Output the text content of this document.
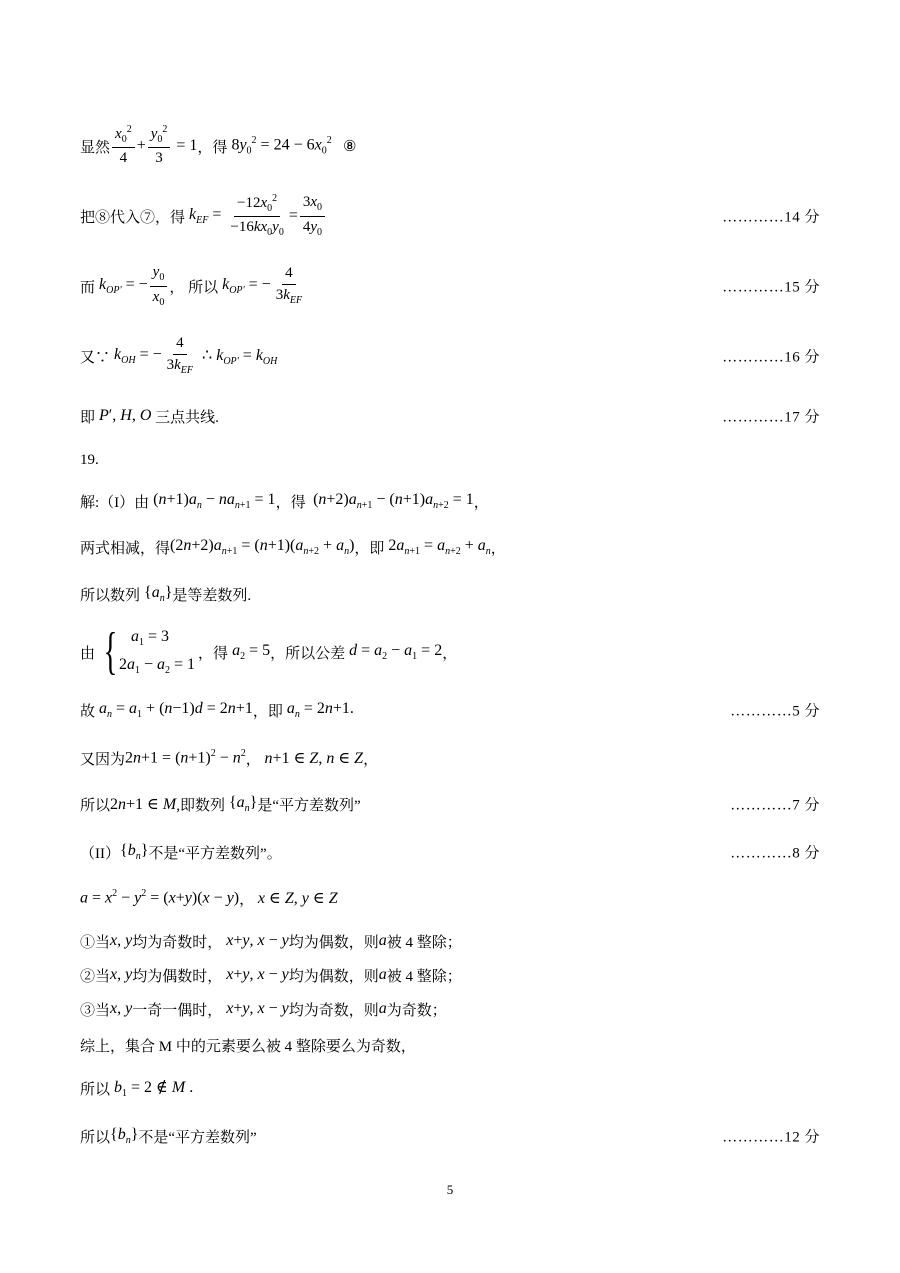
显然 $\frac{x_0^2}{4} + \frac{y_0^2}{3} = 1$ ，得 $8y_0^2 = 24 - 6x_0^2$ ⑧
把⑧代入⑦，得 $k_{EF} = \frac{-12x_0^2}{-16kx_0y_0} = \frac{3x_0}{4y_0}$	…………14 分
而 $k_{OP'}$ = − $\frac{y_0}{x_0}$ ， 所以 $k_{OP'}$ = − $\frac{4}{3k_{EF}}$	…………15 分
又∵ $k_{OH}$ = − $\frac{4}{3k_{EF}}$ ∴ $k_{OP'} = k_{OH}$	…………16 分
即 P′, H, O 三点共线.	…………17 分
19.
解:（I）由 $(n+1)a_n - na_{n+1} = 1$ ，得 $(n+2)a_{n+1} - (n+1)a_{n+2} = 1$ ，
两式相减，得 $(2n+2)a_{n+1} = (n+1)(a_{n+2} + a_n)$ ，即 $2a_{n+1} = a_{n+2} + a_n$ ，
所以数列 $\{a_n\}$ 是等差数列.
由 { $a_1 = 3$
$2a_1 - a_2 = 1$
，得 $a_2 = 5$ ，所以公差 $d = a_2 - a_1 = 2$ ，
故 $a_n = a_1 + (n-1)d = 2n+1$ ，即 $a_n = 2n+1$.	…………5 分
又因为 $2n+1 = (n+1)^2 - n^2$ ， n+1 ∈ Z, n ∈ Z ，
所以 2n+1 ∈ M ,即数列 $\{a_n\}$ 是“平方差数列”	…………7 分
（II） $\{b_n\}$ 不是“平方差数列”。	…………8 分
$a = x^2 - y^2 = (x+y)(x - y)$ ， x ∈ Z, y ∈ Z
①当 x, y 均为奇数时， x+y, x − y 均为偶数，则 a 被 4 整除；
②当 x, y 均为偶数时， x+y, x − y 均为偶数，则 a 被 4 整除；
③当 x, y 一奇一偶时， x+y, x − y 均为奇数，则 a 为奇数；
综上，集合 M 中的元素要么被 4 整除要么为奇数，
所以 $b_1 = 2$ ∉ M .
所以 $\{b_n\}$ 不是“平方差数列”	…………12 分
5
